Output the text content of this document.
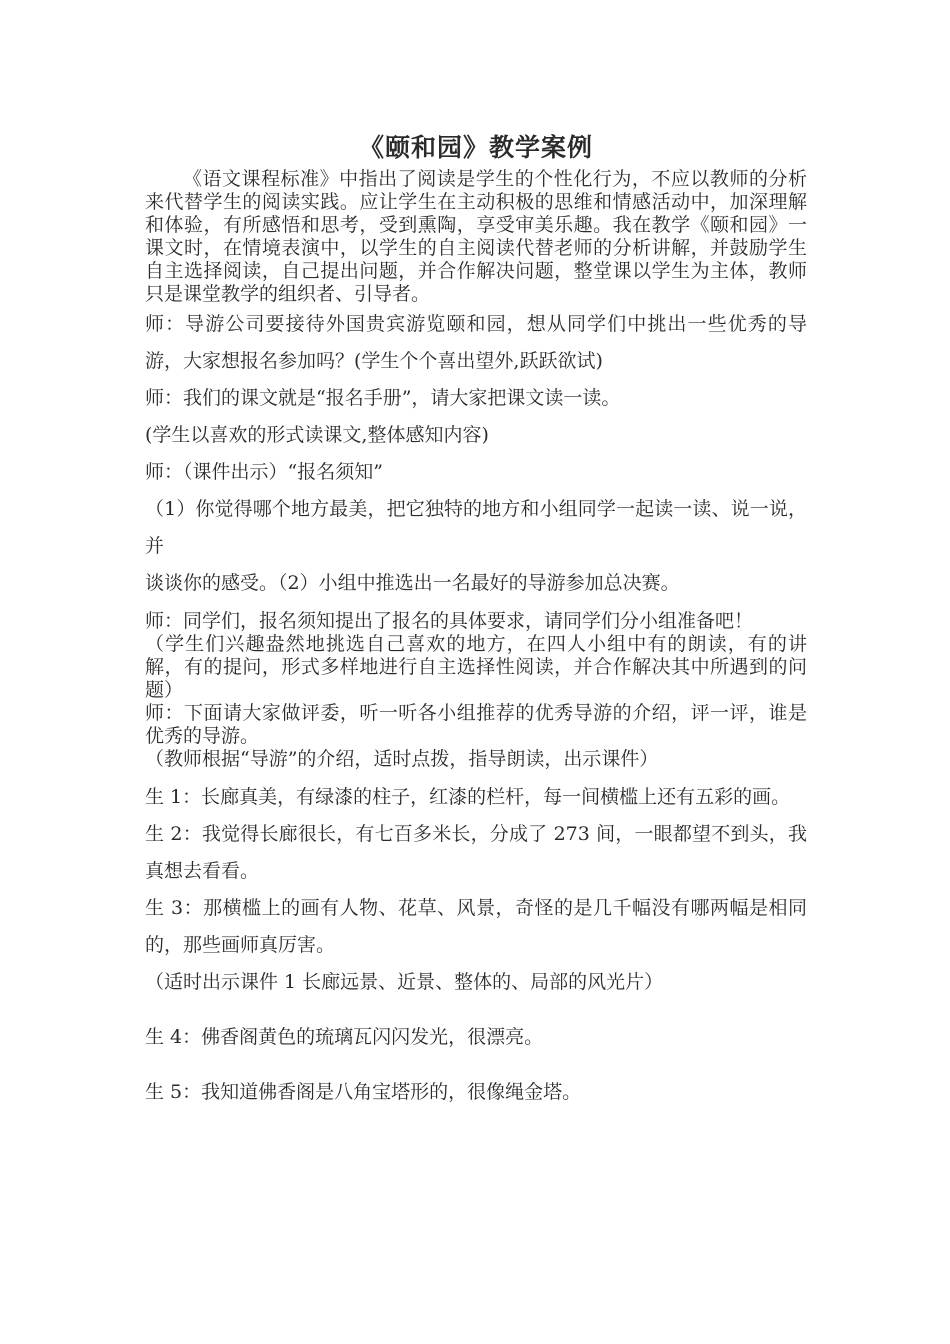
《颐和园》教学案例

《语文课程标准》中指出了阅读是学生的个性化行为，不应以教师的分析来代替学生的阅读实践。应让学生在主动积极的思维和情感活动中，加深理解和体验，有所感悟和思考，受到熏陶，享受审美乐趣。我在教学《颐和园》一课文时，在情境表演中，以学生的自主阅读代替老师的分析讲解，并鼓励学生自主选择阅读，自己提出问题，并合作解决问题，整堂课以学生为主体，教师只是课堂教学的组织者、引导者。

师：导游公司要接待外国贵宾游览颐和园，想从同学们中挑出一些优秀的导游，大家想报名参加吗？(学生个个喜出望外,跃跃欲试)

师：我们的课文就是“报名手册”，请大家把课文读一读。

(学生以喜欢的形式读课文,整体感知内容)

师：（课件出示）“报名须知”

（1）你觉得哪个地方最美，把它独特的地方和小组同学一起读一读、说一说，并

谈谈你的感受。（2）小组中推选出一名最好的导游参加总决赛。

师：同学们，报名须知提出了报名的具体要求，请同学们分小组准备吧！

（学生们兴趣盎然地挑选自己喜欢的地方，在四人小组中有的朗读，有的讲解，有的提问，形式多样地进行自主选择性阅读，并合作解决其中所遇到的问题）

师：下面请大家做评委，听一听各小组推荐的优秀导游的介绍，评一评，谁是优秀的导游。

（教师根据“导游”的介绍，适时点拨，指导朗读，出示课件）

生 1：长廊真美，有绿漆的柱子，红漆的栏杆，每一间横槛上还有五彩的画。

生 2：我觉得长廊很长，有七百多米长，分成了 273 间，一眼都望不到头，我真想去看看。

生 3：那横槛上的画有人物、花草、风景，奇怪的是几千幅没有哪两幅是相同的，那些画师真厉害。

（适时出示课件 1 长廊远景、近景、整体的、局部的风光片）

生 4：佛香阁黄色的琉璃瓦闪闪发光，很漂亮。

生 5：我知道佛香阁是八角宝塔形的，很像绳金塔。
